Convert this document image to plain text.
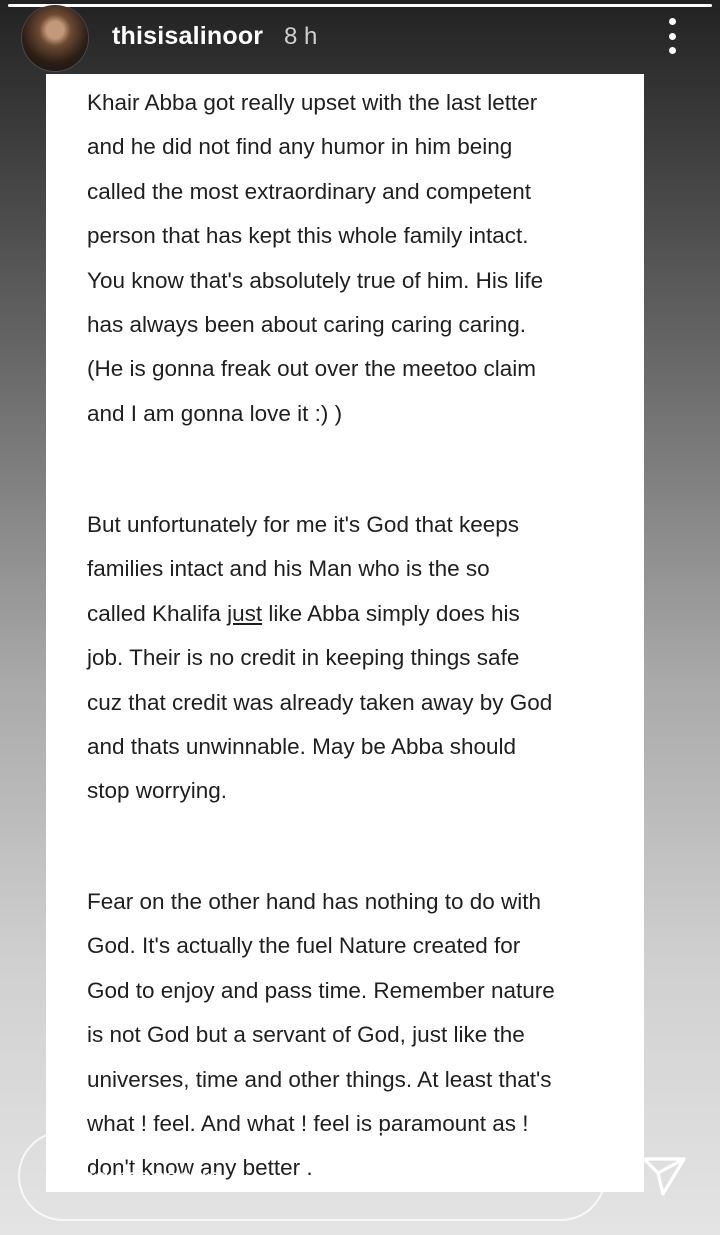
thisisalinoor 8 h

Khair Abba got really upset with the last letter
and he did not find any humor in him being
called the most extraordinary and competent
person that has kept this whole family intact.
You know that's absolutely true of him. His life
has always been about caring caring caring.
(He is gonna freak out over the meetoo claim
and I am gonna love it :) )

But unfortunately for me it's God that keeps
families intact and his Man who is the so
called Khalifa just like Abba simply does his
job. Their is no credit in keeping things safe
cuz that credit was already taken away by God
and thats unwinnable. May be Abba should
stop worrying.

Fear on the other hand has nothing to do with
God. It's actually the fuel Nature created for
God to enjoy and pass time. Remember nature
is not God but a servant of God, just like the
universes, time and other things. At least that's
what ! feel. And what ! feel is paramount as !
don't know any better .

Send message
